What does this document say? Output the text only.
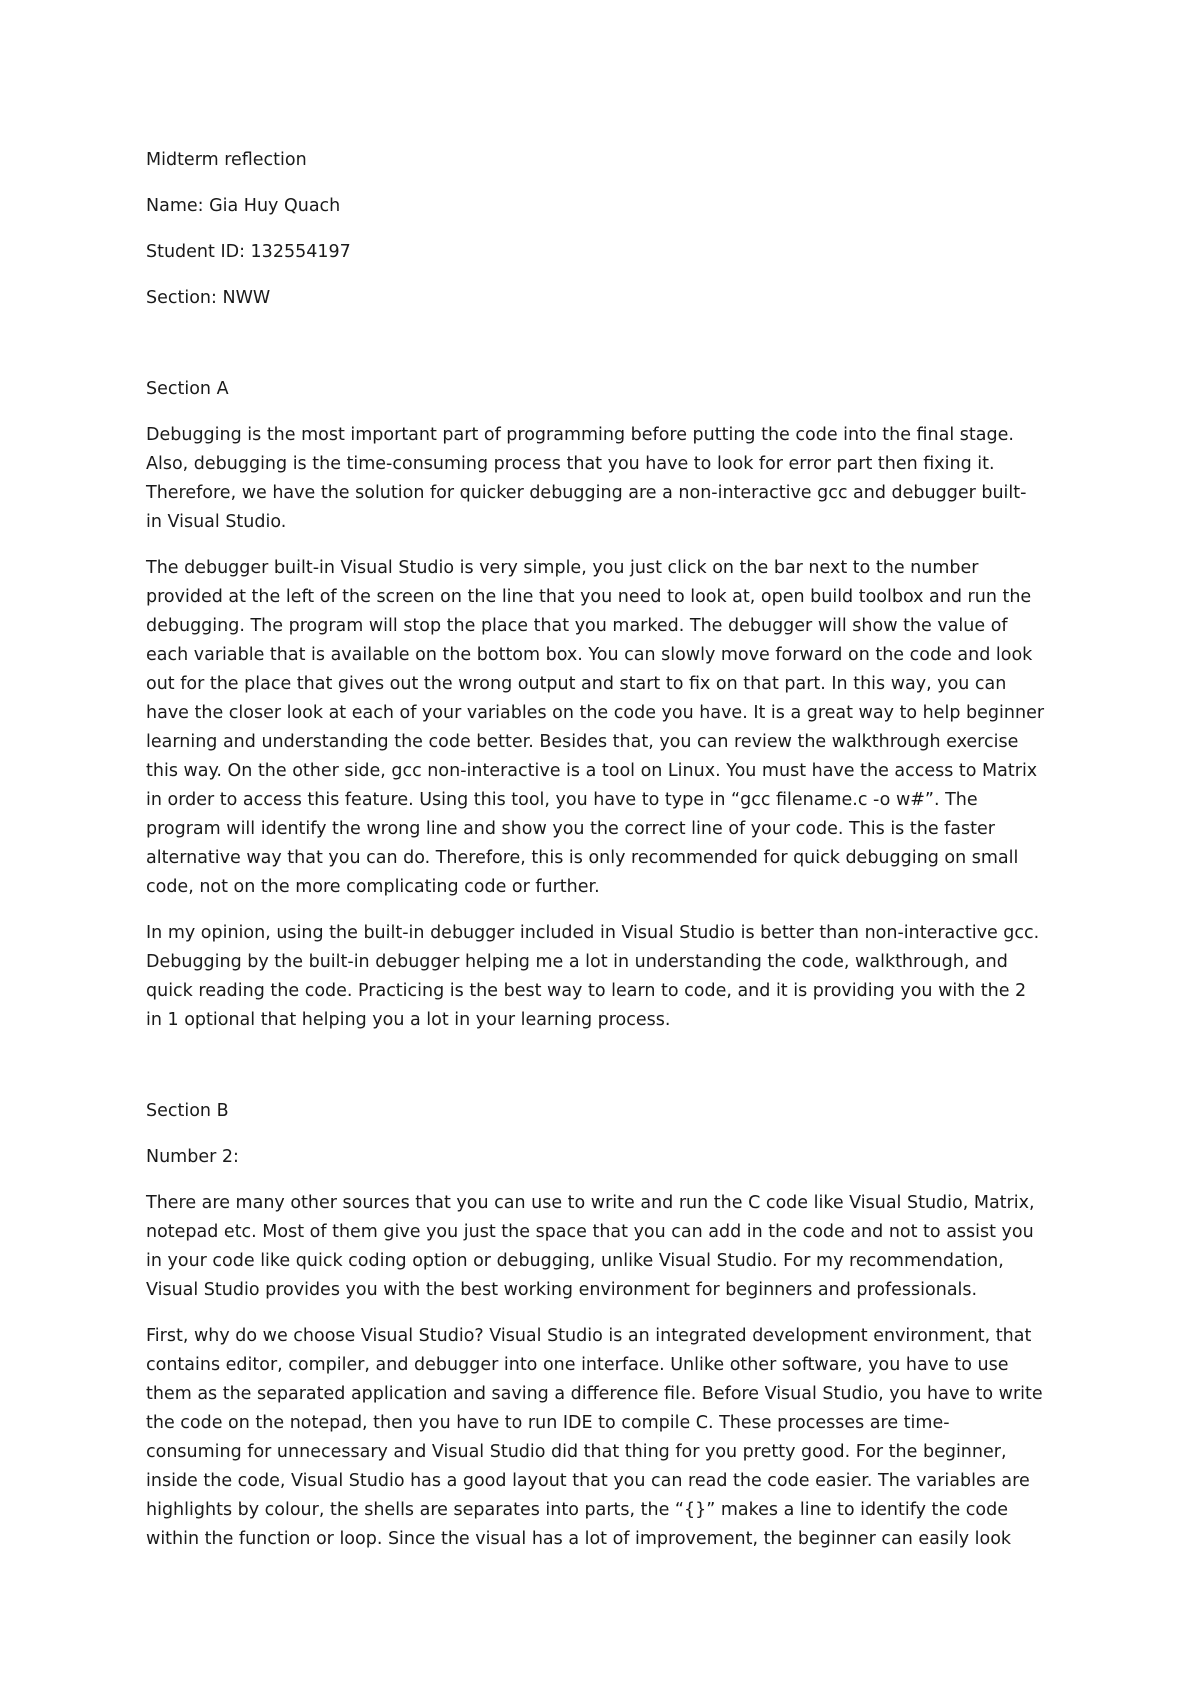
Midterm reflection

Name: Gia Huy Quach

Student ID: 132554197

Section: NWW

Section A

Debugging is the most important part of programming before putting the code into the final stage.

Also, debugging is the time-consuming process that you have to look for error part then fixing it.

Therefore, we have the solution for quicker debugging are a non-interactive gcc and debugger built-

in Visual Studio.

The debugger built-in Visual Studio is very simple, you just click on the bar next to the number

provided at the left of the screen on the line that you need to look at, open build toolbox and run the

debugging. The program will stop the place that you marked. The debugger will show the value of

each variable that is available on the bottom box. You can slowly move forward on the code and look

out for the place that gives out the wrong output and start to fix on that part. In this way, you can

have the closer look at each of your variables on the code you have. It is a great way to help beginner

learning and understanding the code better. Besides that, you can review the walkthrough exercise

this way. On the other side, gcc non-interactive is a tool on Linux. You must have the access to Matrix

in order to access this feature. Using this tool, you have to type in “gcc filename.c -o w#”. The

program will identify the wrong line and show you the correct line of your code. This is the faster

alternative way that you can do. Therefore, this is only recommended for quick debugging on small

code, not on the more complicating code or further.

In my opinion, using the built-in debugger included in Visual Studio is better than non-interactive gcc.

Debugging by the built-in debugger helping me a lot in understanding the code, walkthrough, and

quick reading the code. Practicing is the best way to learn to code, and it is providing you with the 2

in 1 optional that helping you a lot in your learning process.

Section B

Number 2:

There are many other sources that you can use to write and run the C code like Visual Studio, Matrix,

notepad etc. Most of them give you just the space that you can add in the code and not to assist you

in your code like quick coding option or debugging, unlike Visual Studio. For my recommendation,

Visual Studio provides you with the best working environment for beginners and professionals.

First, why do we choose Visual Studio? Visual Studio is an integrated development environment, that

contains editor, compiler, and debugger into one interface. Unlike other software, you have to use

them as the separated application and saving a difference file. Before Visual Studio, you have to write

the code on the notepad, then you have to run IDE to compile C. These processes are time-

consuming for unnecessary and Visual Studio did that thing for you pretty good. For the beginner,

inside the code, Visual Studio has a good layout that you can read the code easier. The variables are

highlights by colour, the shells are separates into parts, the “{}” makes a line to identify the code

within the function or loop. Since the visual has a lot of improvement, the beginner can easily look
